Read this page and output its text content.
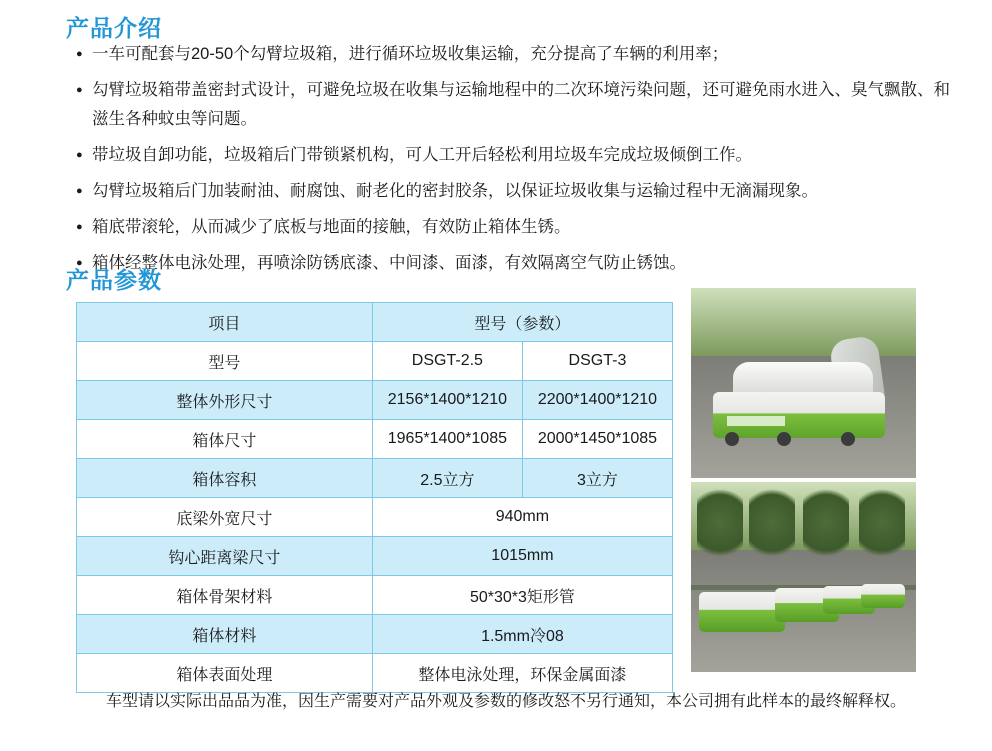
产品介绍
● 一车可配套与20-50个勾臂垃圾箱，进行循环垃圾收集运输，充分提高了车辆的利用率；
● 勾臂垃圾箱带盖密封式设计，可避免垃圾在收集与运输地程中的二次环境污染问题，还可避免雨水进入、臭气飘散、和滋生各种蚊虫等问题。
● 带垃圾自卸功能，垃圾箱后门带锁紧机构，可人工开后轻松利用垃圾车完成垃圾倾倒工作。
● 勾臂垃圾箱后门加装耐油、耐腐蚀、耐老化的密封胶条，以保证垃圾收集与运输过程中无滴漏现象。
● 箱底带滚轮，从而减少了底板与地面的接触，有效防止箱体生锈。
● 箱体经整体电泳处理，再喷涂防锈底漆、中间漆、面漆，有效隔离空气防止锈蚀。
产品参数
项目	型号（参数）	
型号	DSGT-2.5	DSGT-3
整体外形尺寸	2156*1400*1210	2200*1400*1210
箱体尺寸	1965*1400*1085	2000*1450*1085
箱体容积	2.5立方	3立方
底梁外宽尺寸	940mm	
钩心距离梁尺寸	1015mm	
箱体骨架材料	50*30*3矩形管	
箱体材料	1.5mm冷08	
箱体表面处理	整体电泳处理，环保金属面漆	
车型请以实际出品品为准，因生产需要对产品外观及参数的修改怒不另行通知，本公司拥有此样本的最终解释权。
